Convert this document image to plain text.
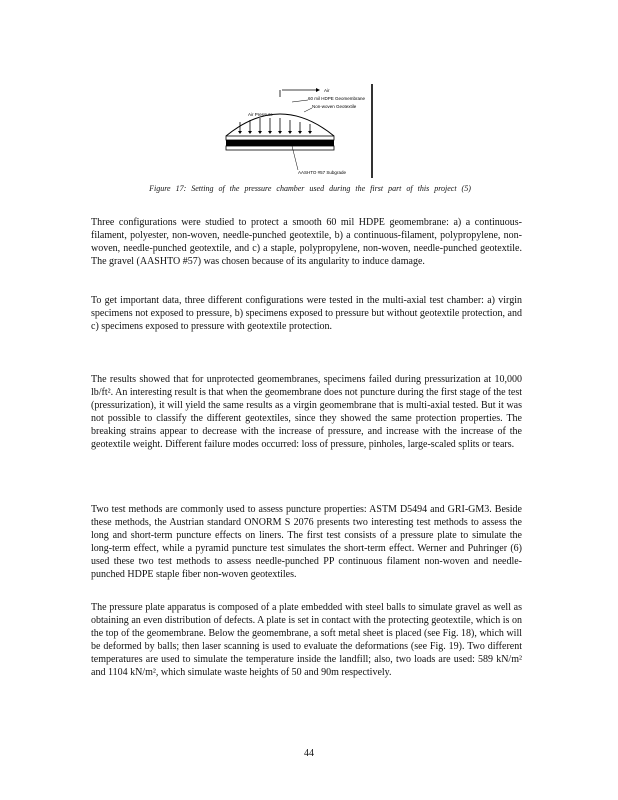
Air
60 mil HDPE Geomembrane
Non-woven Geotextile
Air Pressure
AASHTO #57 Subgrade
Figure 17: Setting of the pressure chamber used during the first part of this project (5)

Three configurations were studied to protect a smooth 60 mil HDPE geomembrane: a) a continuous-filament, polyester, non-woven, needle-punched geotextile, b) a continuous-filament, polypropylene, non-woven, needle-punched geotextile, and c) a staple, polypropylene, non-woven, needle-punched geotextile. The gravel (AASHTO #57) was chosen because of its angularity to induce damage.

To get important data, three different configurations were tested in the multi-axial test chamber: a) virgin specimens not exposed to pressure, b) specimens exposed to pressure but without geotextile protection, and c) specimens exposed to pressure with geotextile protection.

The results showed that for unprotected geomembranes, specimens failed during pressurization at 10,000 lb/ft². An interesting result is that when the geomembrane does not puncture during the first stage of the test (pressurization), it will yield the same results as a virgin geomembrane that is multi-axial tested. But it was not possible to classify the different geotextiles, since they showed the same protection properties. The breaking strains appear to decrease with the increase of pressure, and increase with the increase of the geotextile weight. Different failure modes occurred: loss of pressure, pinholes, large-scaled splits or tears.

Two test methods are commonly used to assess puncture properties: ASTM D5494 and GRI-GM3. Beside these methods, the Austrian standard ONORM S 2076 presents two interesting test methods to assess the long and short-term puncture effects on liners. The first test consists of a pressure plate to simulate the long-term effect, while a pyramid puncture test simulates the short-term effect. Werner and Puhringer (6) used these two test methods to assess needle-punched PP continuous filament non-woven and needle-punched HDPE staple fiber non-woven geotextiles.

The pressure plate apparatus is composed of a plate embedded with steel balls to simulate gravel as well as obtaining an even distribution of defects. A plate is set in contact with the protecting geotextile, which is on the top of the geomembrane. Below the geomembrane, a soft metal sheet is placed (see Fig. 18), which will be deformed by balls; then laser scanning is used to evaluate the deformations (see Fig. 19). Two different temperatures are used to simulate the temperature inside the landfill; also, two loads are used: 589 kN/m² and 1104 kN/m², which simulate waste heights of 50 and 90m respectively.

44
